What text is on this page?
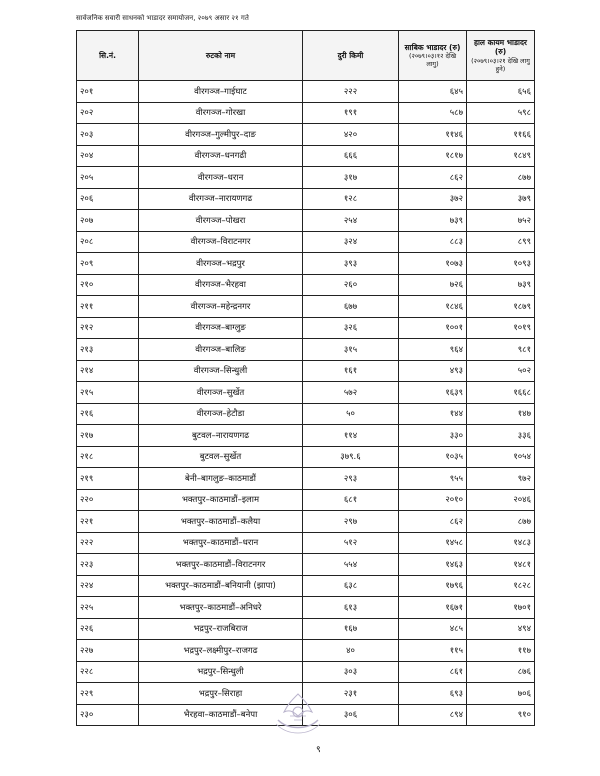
सार्वजनिक सवारी साधनको भाडादर समायोजन, २०७९ असार २१ गते
सि.नं.	रुटको नाम	दुरी किमी	साबिक भाडादर (रु)
(२०७९।०३।१२ देखि लागु)	हाल कायम भाडादर (रु)
(२०७९।०३।२१ देखि लागु हुने)

२०१	वीरगञ्ज–गाईघाट	२२२	६४५	६५६
२०२	वीरगञ्ज–गोरखा	१९१	५८७	५९८
२०३	वीरगञ्ज–गुल्मीपुर–दाङ	४२०	११४६	११६६
२०४	वीरगञ्ज–धनगढी	६६६	१८१७	१८४९
२०५	वीरगञ्ज–धरान	३१७	८६२	८७७
२०६	वीरगञ्ज–नारायणगढ	१२८	३७२	३७९
२०७	वीरगञ्ज–पोखरा	२५४	७३९	७५२
२०८	वीरगञ्ज–विराटनगर	३२४	८८३	८९९
२०९	वीरगञ्ज–भद्रपुर	३९३	१०७३	१०९३
२१०	वीरगञ्ज–भैरहवा	२६०	७२६	७३९
२११	वीरगञ्ज–महेन्द्रनगर	६७७	१८४६	१८७९
२१२	वीरगञ्ज–बाग्लुङ	३२६	१००१	१०१९
२१३	वीरगञ्ज–बालिङ	३१५	९६४	९८१
२१४	वीरगञ्ज–सिन्धुली	१६१	४९३	५०२
२१५	वीरगञ्ज–सुर्खेत	५७२	१६३९	१६६८
२१६	वीरगञ्ज–हेटौडा	५०	१४४	१४७
२१७	बुटवल–नारायणगढ	११४	३३०	३३६
२१८	बुटवल–सुर्खेत	३७९.६	१०३५	१०५४
२१९	बेनी–बागलुङ–काठमाडौं	२९३	९५५	९७२
२२०	भक्तपुर–काठमाडौं–इलाम	६८१	२०१०	२०४६
२२१	भक्तपुर–काठमाडौं–कलैया	२९७	८६२	८७७
२२२	भक्तपुर–काठमाडौं–धरान	५१२	१४५८	१४८३
२२३	भक्तपुर–काठमाडौं–विराटनगर	५५४	१४६३	१४८१
२२४	भक्तपुर–काठमाडौं–बनियानी (झापा)	६३८	१७९६	१८२८
२२५	भक्तपुर–काठमाडौं–अनिधरे	६१३	१६७१	१७०१
२२६	भद्रपुर–राजबिराज	१६७	४८५	४९४
२२७	भद्रपुर–लक्ष्मीपुर–राजगढ	४०	११५	११७
२२८	भद्रपुर–सिन्धुली	३०३	८६१	८७६
२२९	भद्रपुर–सिराहा	२३१	६९३	७०६
२३०	भैरहवा–काठमाडौं–बनेपा	३०६	८९४	९१०
९
